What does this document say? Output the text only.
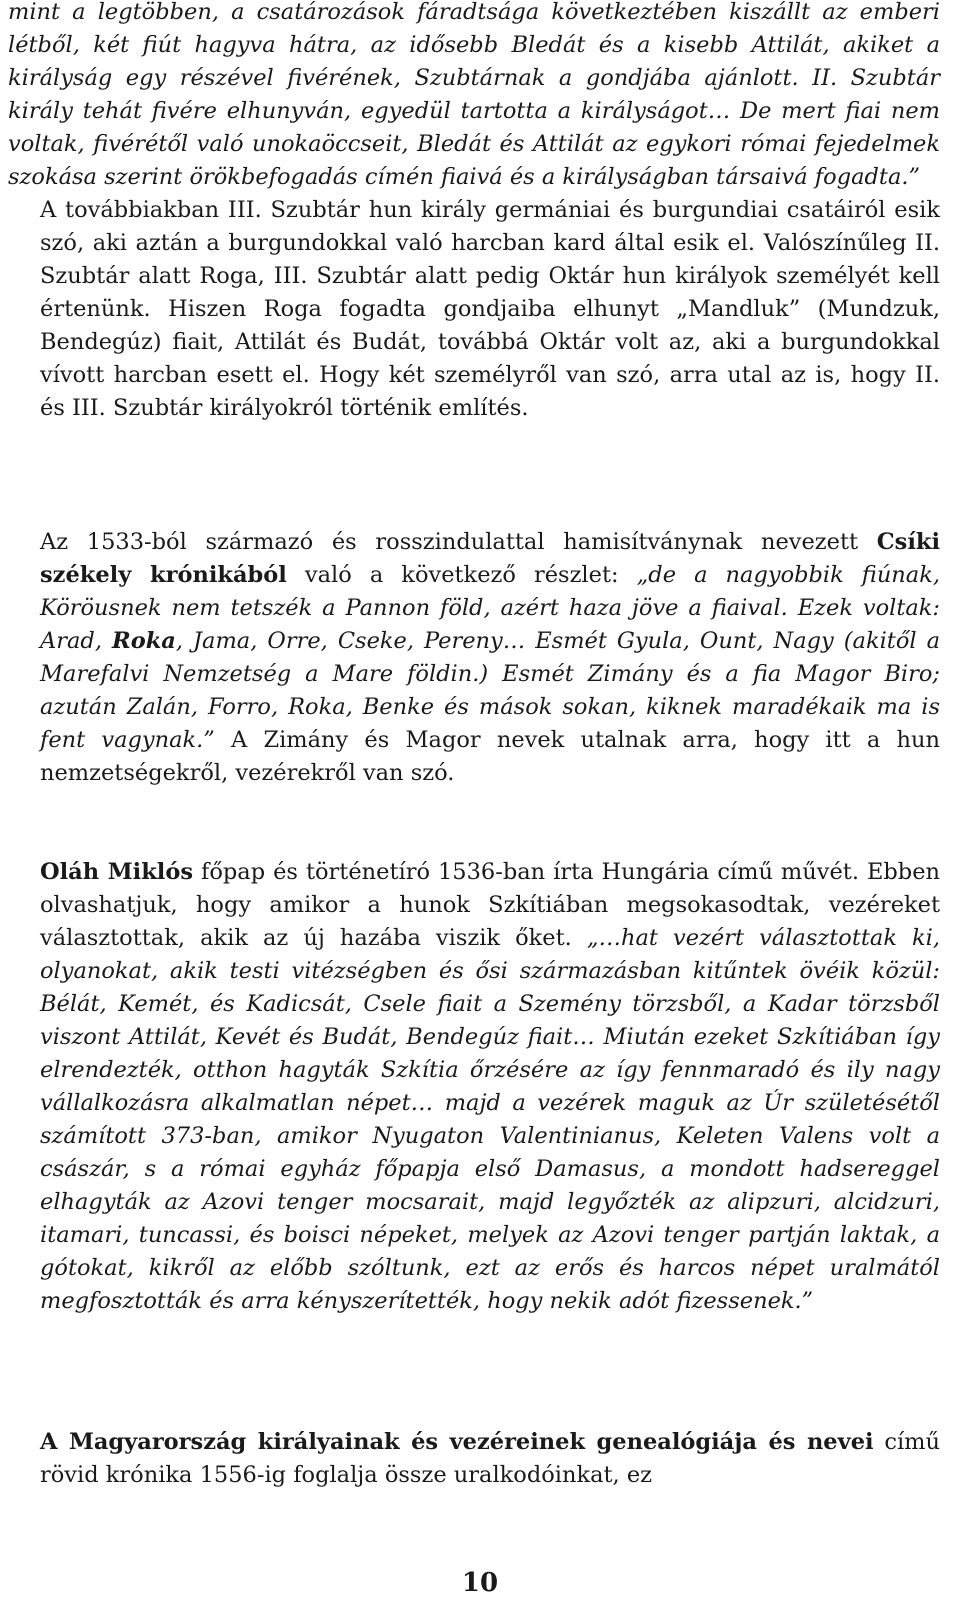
mint a legtöbben, a csatározások fáradtsága következtében kiszállt az emberi létből, két fiút hagyva hátra, az idősebb Bledát és a kisebb Attilát, akiket a királyság egy részével fivérének, Szubtárnak a gondjába ajánlott. II. Szubtár király tehát fivére elhunyván, egyedül tartotta a királyságot… De mert fiai nem voltak, fivérétől való unokaöccseit, Bledát és Attilát az egykori római fejedelmek szokása szerint örökbefogadás címén fiaivá és a királyságban társaivá fogadta.”

A továbbiakban III. Szubtár hun király germániai és burgundiai csatáiról esik szó, aki aztán a burgundokkal való harcban kard által esik el. Valószínűleg II. Szubtár alatt Roga, III. Szubtár alatt pedig Oktár hun királyok személyét kell értenünk. Hiszen Roga fogadta gondjaiba elhunyt „Mandluk” (Mundzuk, Bendegúz) fiait, Attilát és Budát, továbbá Oktár volt az, aki a burgundokkal vívott harcban esett el. Hogy két személyről van szó, arra utal az is, hogy II. és III. Szubtár királyokról történik említés.

Az 1533-ból származó és rosszindulattal hamisítványnak nevezett Csíki székely krónikából való a következő részlet: „de a nagyobbik fiúnak, Köröusnek nem tetszék a Pannon föld, azért haza jöve a fiaival. Ezek voltak: Arad, Roka, Jama, Orre, Cseke, Pereny… Esmét Gyula, Ount, Nagy (akitől a Marefalvi Nemzetség a Mare földin.) Esmét Zimány és a fia Magor Biro; azután Zalán, Forro, Roka, Benke és mások sokan, kiknek maradékaik ma is fent vagynak.” A Zimány és Magor nevek utalnak arra, hogy itt a hun nemzetségekről, vezérekről van szó.

Oláh Miklós főpap és történetíró 1536-ban írta Hungária című művét. Ebben olvashatjuk, hogy amikor a hunok Szkítiában megsokasodtak, vezéreket választottak, akik az új hazába viszik őket. „…hat vezért választottak ki, olyanokat, akik testi vitézségben és ősi származásban kitűntek övéik közül: Bélát, Kemét, és Kadicsát, Csele fiait a Szemény törzsből, a Kadar törzsből viszont Attilát, Kevét és Budát, Bendegúz fiait… Miután ezeket Szkítiában így elrendezték, otthon hagyták Szkítia őrzésére az így fennmaradó és ily nagy vállalkozásra alkalmatlan népet… majd a vezérek maguk az Úr születésétől számított 373-ban, amikor Nyugaton Valentinianus, Keleten Valens volt a császár, s a római egyház főpapja első Damasus, a mondott hadsereggel elhagyták az Azovi tenger mocsarait, majd legyőzték az alipzuri, alcidzuri, itamari, tuncassi, és boisci népeket, melyek az Azovi tenger partján laktak, a gótokat, kikről az előbb szóltunk, ezt az erős és harcos népet uralmától megfosztották és arra kényszerítették, hogy nekik adót fizessenek.”

A Magyarország királyainak és vezéreinek genealógiája és nevei című rövid krónika 1556-ig foglalja össze uralkodóinkat, ez

10
